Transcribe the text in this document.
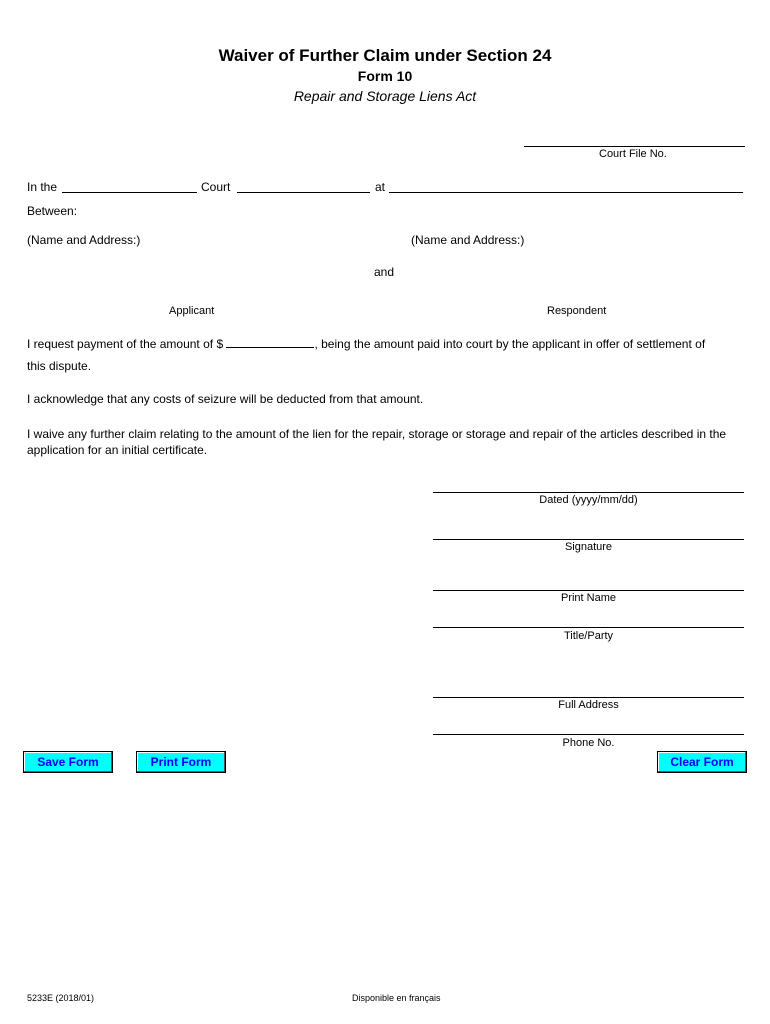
Waiver of Further Claim under Section 24
Form 10
Repair and Storage Liens Act
Court File No.
In the	Court	at
Between:
(Name and Address:)	(Name and Address:)
and
Applicant	Respondent
I request payment of the amount of $	, being the amount paid into court by the applicant in offer of settlement of
this dispute.
I acknowledge that any costs of seizure will be deducted from that amount.
I waive any further claim relating to the amount of the lien for the repair, storage or storage and repair of the articles described in the application for an initial certificate.
Dated (yyyy/mm/dd)
Signature
Print Name
Title/Party
Full Address
Phone No.
Save Form	Print Form	Clear Form
5233E (2018/01)	Disponible en français
